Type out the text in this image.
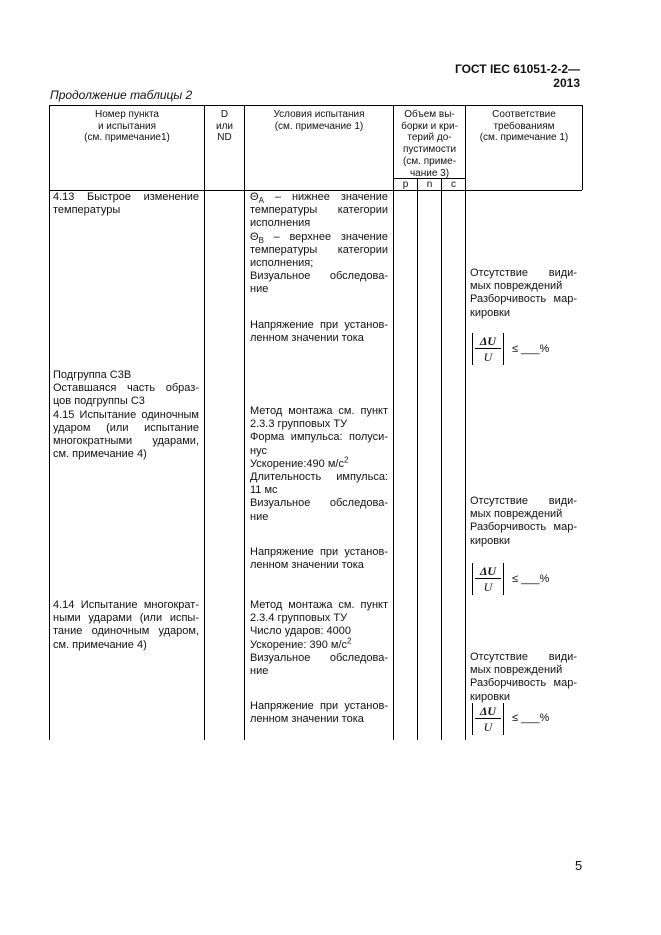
ГОСТ IEC 61051-2-2—2013
Продолжение таблицы 2
Номер пункта
и испытания
(см. примечание1)
D
или
ND
Условия испытания
(см. примечание 1)
Объем вы-
борки и кри-
терий до-
пустимости
(см. приме-
чание 3)
p	n	c
Соответствие
требованиям
(см. примечание 1)
4.13 Быстрое изменение
температуры
Подгруппа С3В
Оставшаяся часть образ-
цов подгруппы С3
4.15 Испытание одиночным
ударом (или испытание
многократными ударами,
см. примечание 4)
4.14 Испытание многократ-
ными ударами (или испы-
тание одиночным ударом,
см. примечание 4)
$\Theta_A$ – нижнее значение
температуры категории
исполнения
$\Theta_B$ – верхнее значение
температуры категории
исполнения;
Визуальное обследова-
ние
Напряжение при установ-
ленном значении тока
Метод монтажа см. пункт
2.3.3 групповых ТУ
Форма импульса: полуси-
нус
Ускорение:490 $м/с^2$
Длительность импульса:
11 мс
Визуальное обследова-
ние
Напряжение при установ-
ленном значении тока
Метод монтажа см. пункт
2.3.4 групповых ТУ
Число ударов: 4000
Ускорение: 390 $м/с^2$
Визуальное обследова-
ние
Напряжение при установ-
ленном значении тока
Отсутствие види-
мых повреждений
Разборчивость мар-
кировки
ΔU
U
≤ ___%
Отсутствие види-
мых повреждений
Разборчивость мар-
кировки
ΔU
U
≤ ___%
Отсутствие види-
мых повреждений
Разборчивость мар-
кировки
ΔU
U
≤ ___%
5
